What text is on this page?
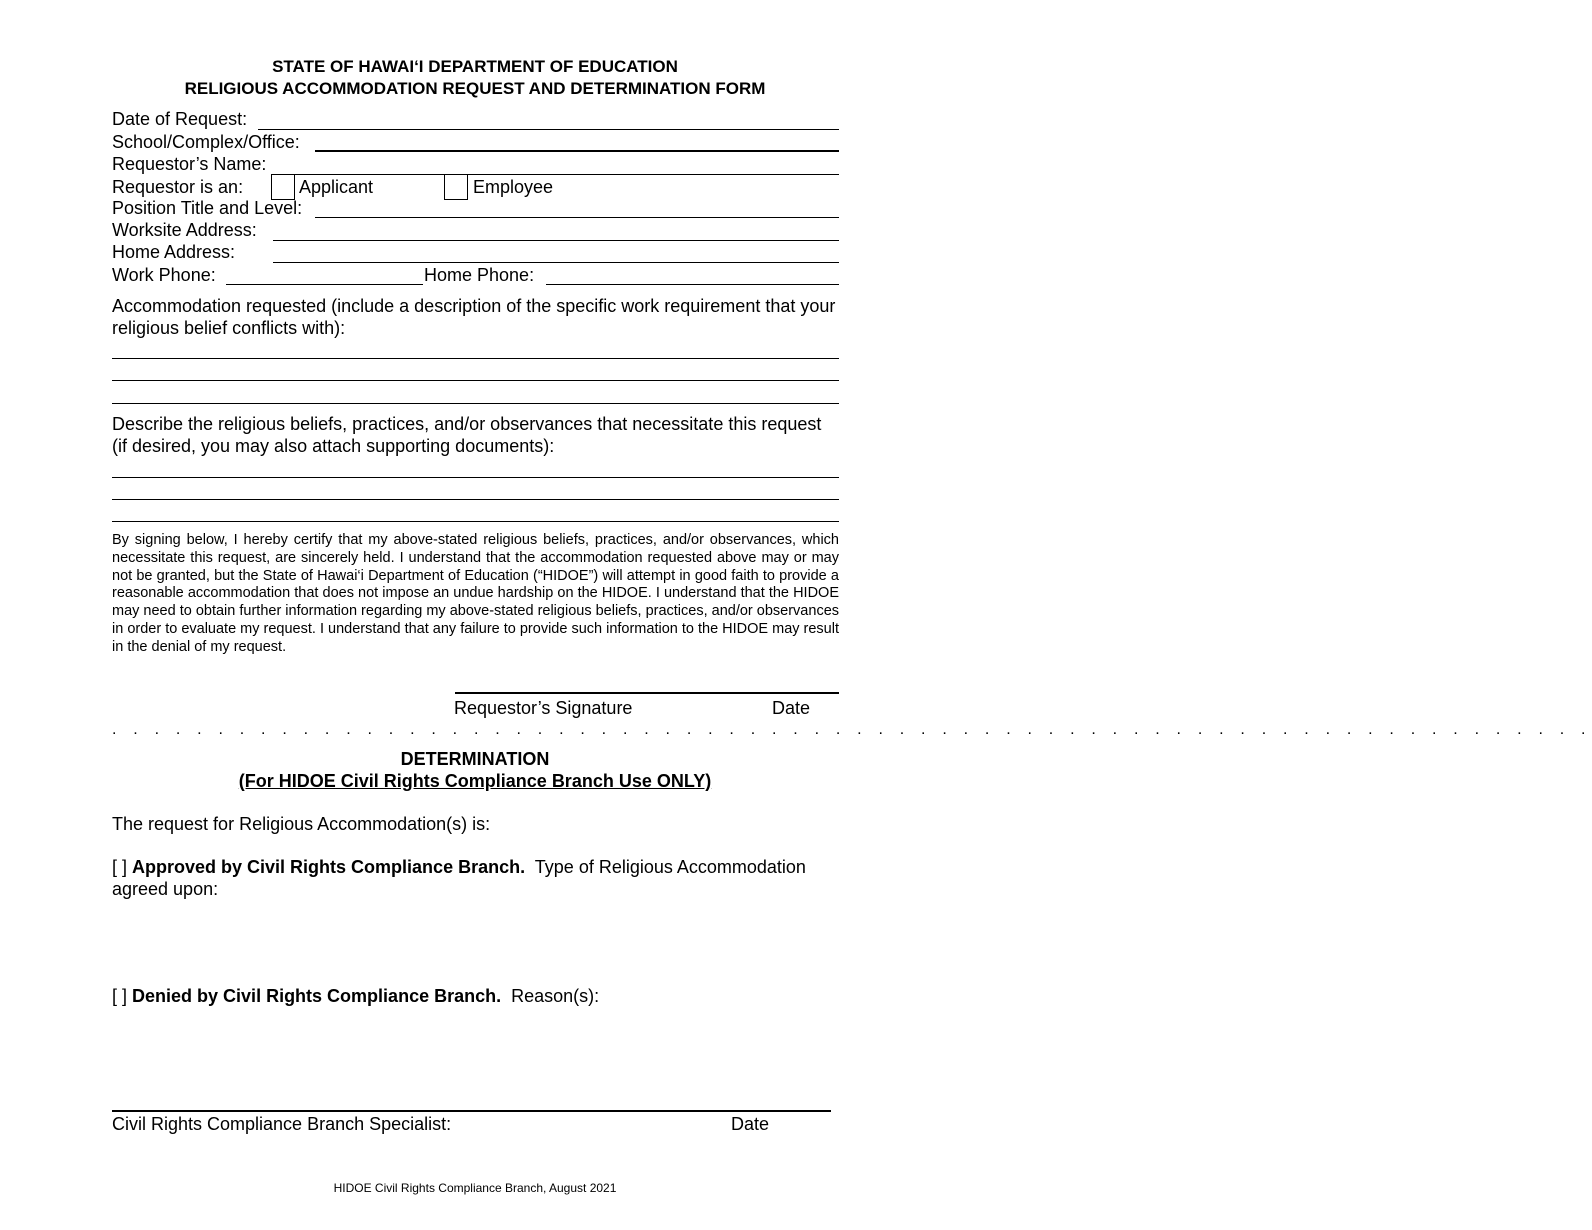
STATE OF HAWAI‘I DEPARTMENT OF EDUCATION
RELIGIOUS ACCOMMODATION REQUEST AND DETERMINATION FORM
Date of Request:
School/Complex/Office:
Requestor’s Name:
Requestor is an:	Applicant	Employee
Position Title and Level:
Worksite Address:
Home Address:
Work Phone:	Home Phone:
Accommodation requested (include a description of the specific work requirement that your religious belief conflicts with):
Describe the religious beliefs, practices, and/or observances that necessitate this request (if desired, you may also attach supporting documents):
By signing below, I hereby certify that my above-stated religious beliefs, practices, and/or observances, which necessitate this request, are sincerely held. I understand that the accommodation requested above may or may not be granted, but the State of Hawai‘i Department of Education (“HIDOE”) will attempt in good faith to provide a reasonable accommodation that does not impose an undue hardship on the HIDOE. I understand that the HIDOE may need to obtain further information regarding my above-stated religious beliefs, practices, and/or observances in order to evaluate my request. I understand that any failure to provide such information to the HIDOE may result in the denial of my request.
Requestor’s Signature	Date
. . . . . . . . . . . . . . . . . . . . . . . . . . . . . . . . . . . . . . . . . . . . . . . . . . . . . . . . . . . . . . . . . . . . . .
DETERMINATION
(For HIDOE Civil Rights Compliance Branch Use ONLY)
The request for Religious Accommodation(s) is:
[ ] Approved by Civil Rights Compliance Branch. Type of Religious Accommodation agreed upon:
[ ] Denied by Civil Rights Compliance Branch. Reason(s):
Civil Rights Compliance Branch Specialist:	Date
HIDOE Civil Rights Compliance Branch, August 2021
